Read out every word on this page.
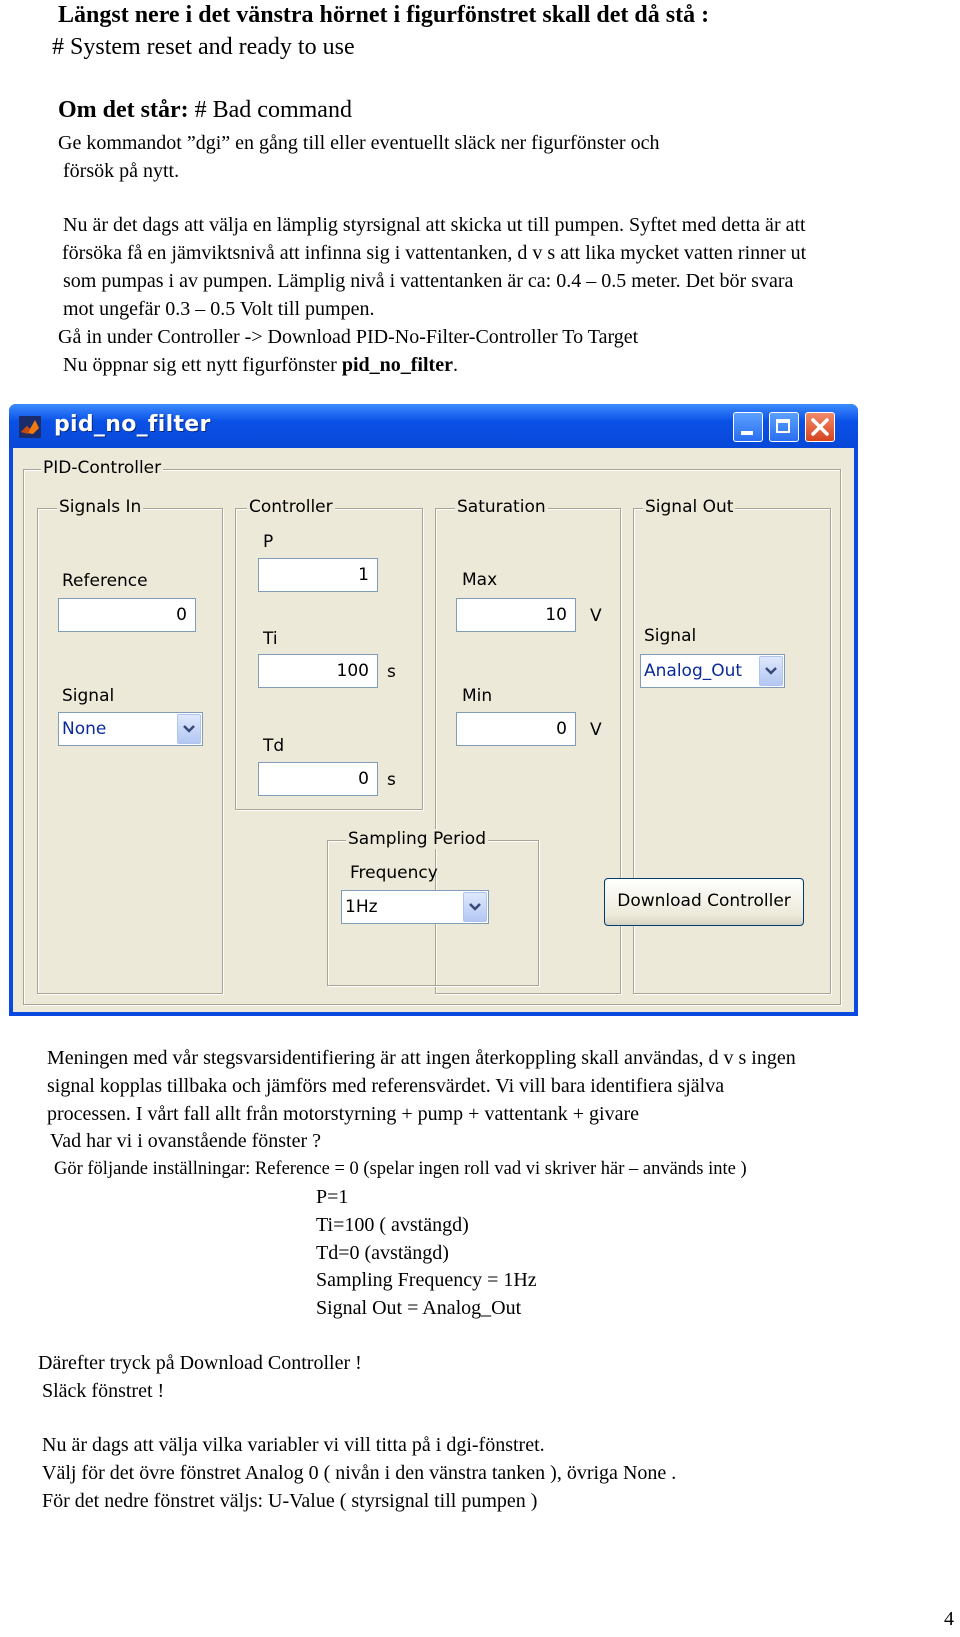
Längst nere i det vänstra hörnet i figurfönstret skall det då stå :
# System reset and ready to use
Om det står: # Bad command
Ge kommandot ”dgi” en gång till eller eventuellt släck ner figurfönster och
försök på nytt.
Nu är det dags att välja en lämplig styrsignal att skicka ut till pumpen. Syftet med detta är att
försöka få en jämviktsnivå att infinna sig i vattentanken, d v s att lika mycket vatten rinner ut
som pumpas i av pumpen. Lämplig nivå i vattentanken är ca: 0.4 – 0.5 meter. Det bör svara
mot ungefär 0.3 – 0.5 Volt till pumpen.
Gå in under Controller -> Download PID-No-Filter-Controller To Target
Nu öppnar sig ett nytt figurfönster pid_no_filter.
pid_no_filter
PID-Controller
Signals In
Reference
0
Signal
None
Controller
P
1
Ti
100	s
Td
0	s
Saturation
Max
10	V
Min
0	V
Signal Out
Signal
Analog_Out
Sampling Period
Frequency
1Hz	Download Controller
Meningen med vår stegsvarsidentifiering är att ingen återkoppling skall användas, d v s ingen
signal kopplas tillbaka och jämförs med referensvärdet. Vi vill bara identifiera själva
processen. I vårt fall allt från motorstyrning + pump + vattentank + givare
Vad har vi i ovanstående fönster ?
Gör följande inställningar: Reference = 0 (spelar ingen roll vad vi skriver här – används inte )
P=1
Ti=100 ( avstängd)
Td=0 (avstängd)
Sampling Frequency = 1Hz
Signal Out = Analog_Out
Därefter tryck på Download Controller !
Släck fönstret !
Nu är dags att välja vilka variabler vi vill titta på i dgi-fönstret.
Välj för det övre fönstret Analog 0 ( nivån i den vänstra tanken ), övriga None .
För det nedre fönstret väljs: U-Value ( styrsignal till pumpen )
4
